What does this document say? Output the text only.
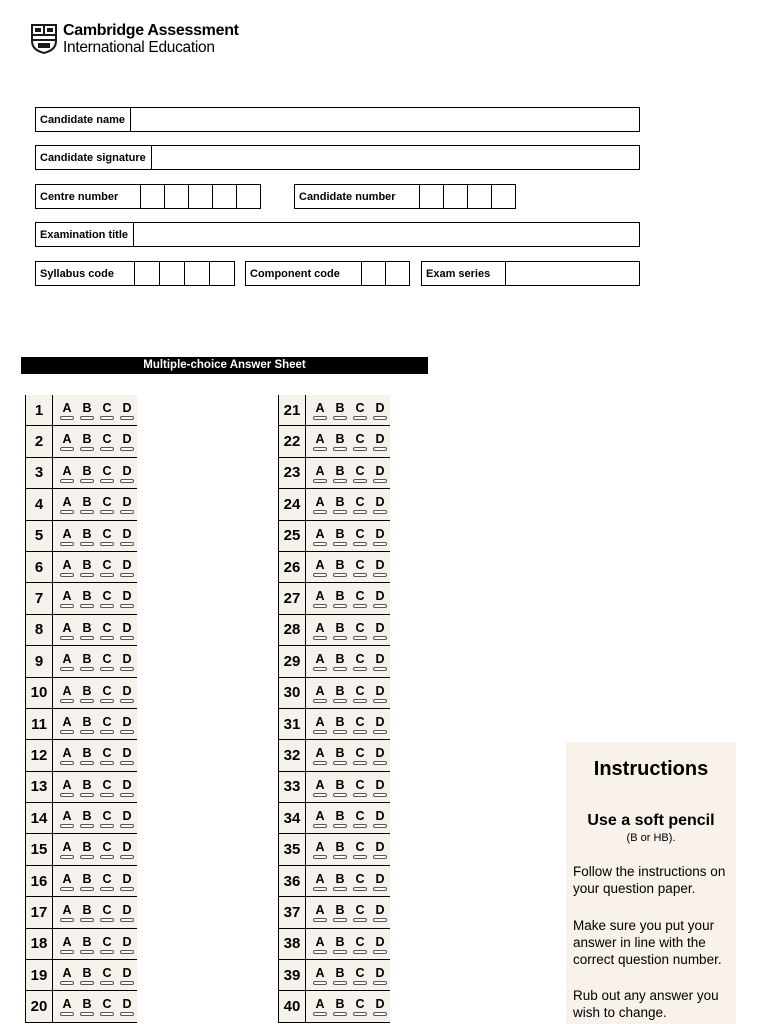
Cambridge Assessment
International Education
Candidate name
Candidate signature
Centre number	Candidate number
Examination title
Syllabus code	Component code	Exam series
Multiple-choice Answer Sheet
1	A B C D
2	A B C D
3	A B C D
4	A B C D
5	A B C D
6	A B C D
7	A B C D
8	A B C D
9	A B C D
10	A B C D
11	A B C D
12	A B C D
13	A B C D
14	A B C D
15	A B C D
16	A B C D
17	A B C D
18	A B C D
19	A B C D
20	A B C D
21	A B C D
22	A B C D
23	A B C D
24	A B C D
25	A B C D
26	A B C D
27	A B C D
28	A B C D
29	A B C D
30	A B C D
31	A B C D
32	A B C D
33	A B C D
34	A B C D
35	A B C D
36	A B C D
37	A B C D
38	A B C D
39	A B C D
40	A B C D
Instructions
Use a soft pencil
(B or HB).

Follow the instructions on your question paper.

Make sure you put your answer in line with the correct question number.

Rub out any answer you wish to change.
